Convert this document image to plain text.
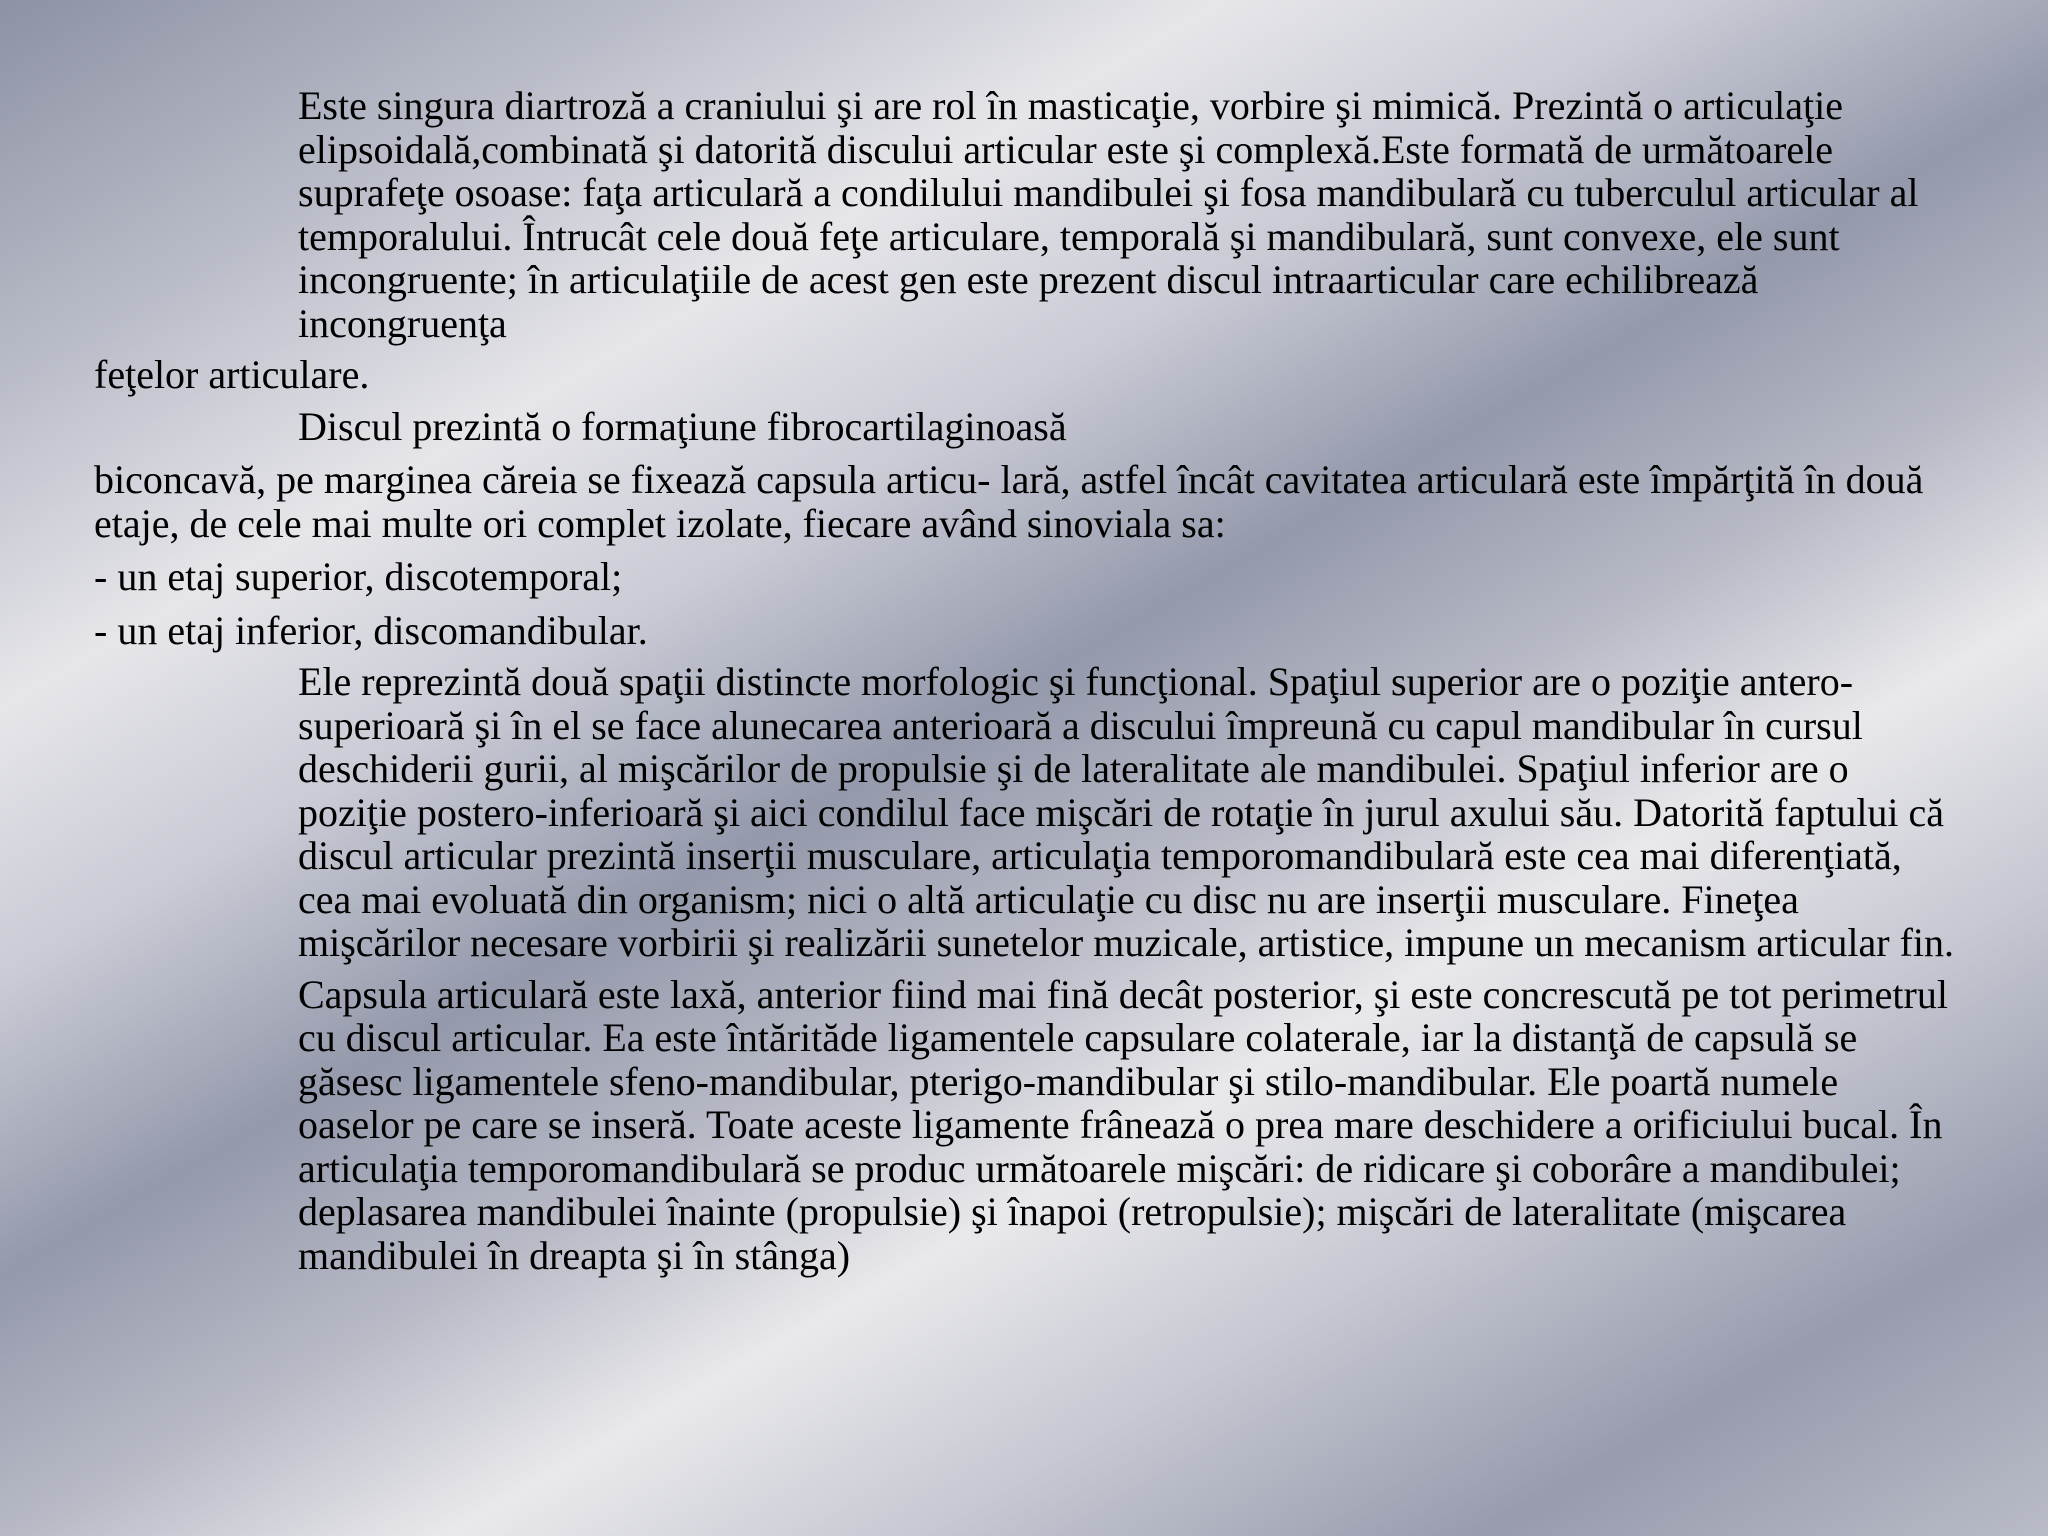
Este singura diartroză a craniului şi are rol în masticaţie, vorbire şi mimică. Prezintă o articulaţie elipsoidală,combinată şi datorită discului articular este şi complexă.Este formată de următoarele suprafeţe osoase: faţa articulară a condilului mandibulei şi fosa mandibulară cu tuberculul articular al temporalului. Întrucât cele două feţe articulare, temporală şi mandibulară, sunt convexe, ele sunt incongruente; în articulaţiile de acest gen este prezent discul intraarticular care echilibrează incongruenţa

feţelor articulare.

Discul prezintă o formaţiune fibrocartilaginoasă

biconcavă, pe marginea căreia se fixează capsula articu- lară, astfel încât cavitatea articulară este împărţită în două etaje, de cele mai multe ori complet izolate, fiecare având sinoviala sa:

- un etaj superior, discotemporal;

- un etaj inferior, discomandibular.

Ele reprezintă două spaţii distincte morfologic şi funcţional. Spaţiul superior are o poziţie antero-superioară şi în el se face alunecarea anterioară a discului împreună cu capul mandibular în cursul deschiderii gurii, al mişcărilor de propulsie şi de lateralitate ale mandibulei. Spaţiul inferior are o poziţie postero-inferioară şi aici condilul face mişcări de rotaţie în jurul axului său. Datorită faptului că discul articular prezintă inserţii musculare, articulaţia temporomandibulară este cea mai diferenţiată, cea mai evoluată din organism; nici o altă articulaţie cu disc nu are inserţii musculare. Fineţea mişcărilor necesare vorbirii şi realizării sunetelor muzicale, artistice, impune un mecanism articular fin.

Capsula articulară este laxă, anterior fiind mai fină decât posterior, şi este concrescută pe tot perimetrul cu discul articular. Ea este întărităde ligamentele capsulare colaterale, iar la distanţă de capsulă se găsesc ligamentele sfeno-mandibular, pterigo-mandibular şi stilo-mandibular. Ele poartă numele oaselor pe care se inseră. Toate aceste ligamente frânează o prea mare deschidere a orificiului bucal. În articulaţia temporomandibulară se produc următoarele mişcări: de ridicare şi coborâre a mandibulei; deplasarea mandibulei înainte (propulsie) şi înapoi (retropulsie); mişcări de lateralitate (mişcarea mandibulei în dreapta şi în stânga)
